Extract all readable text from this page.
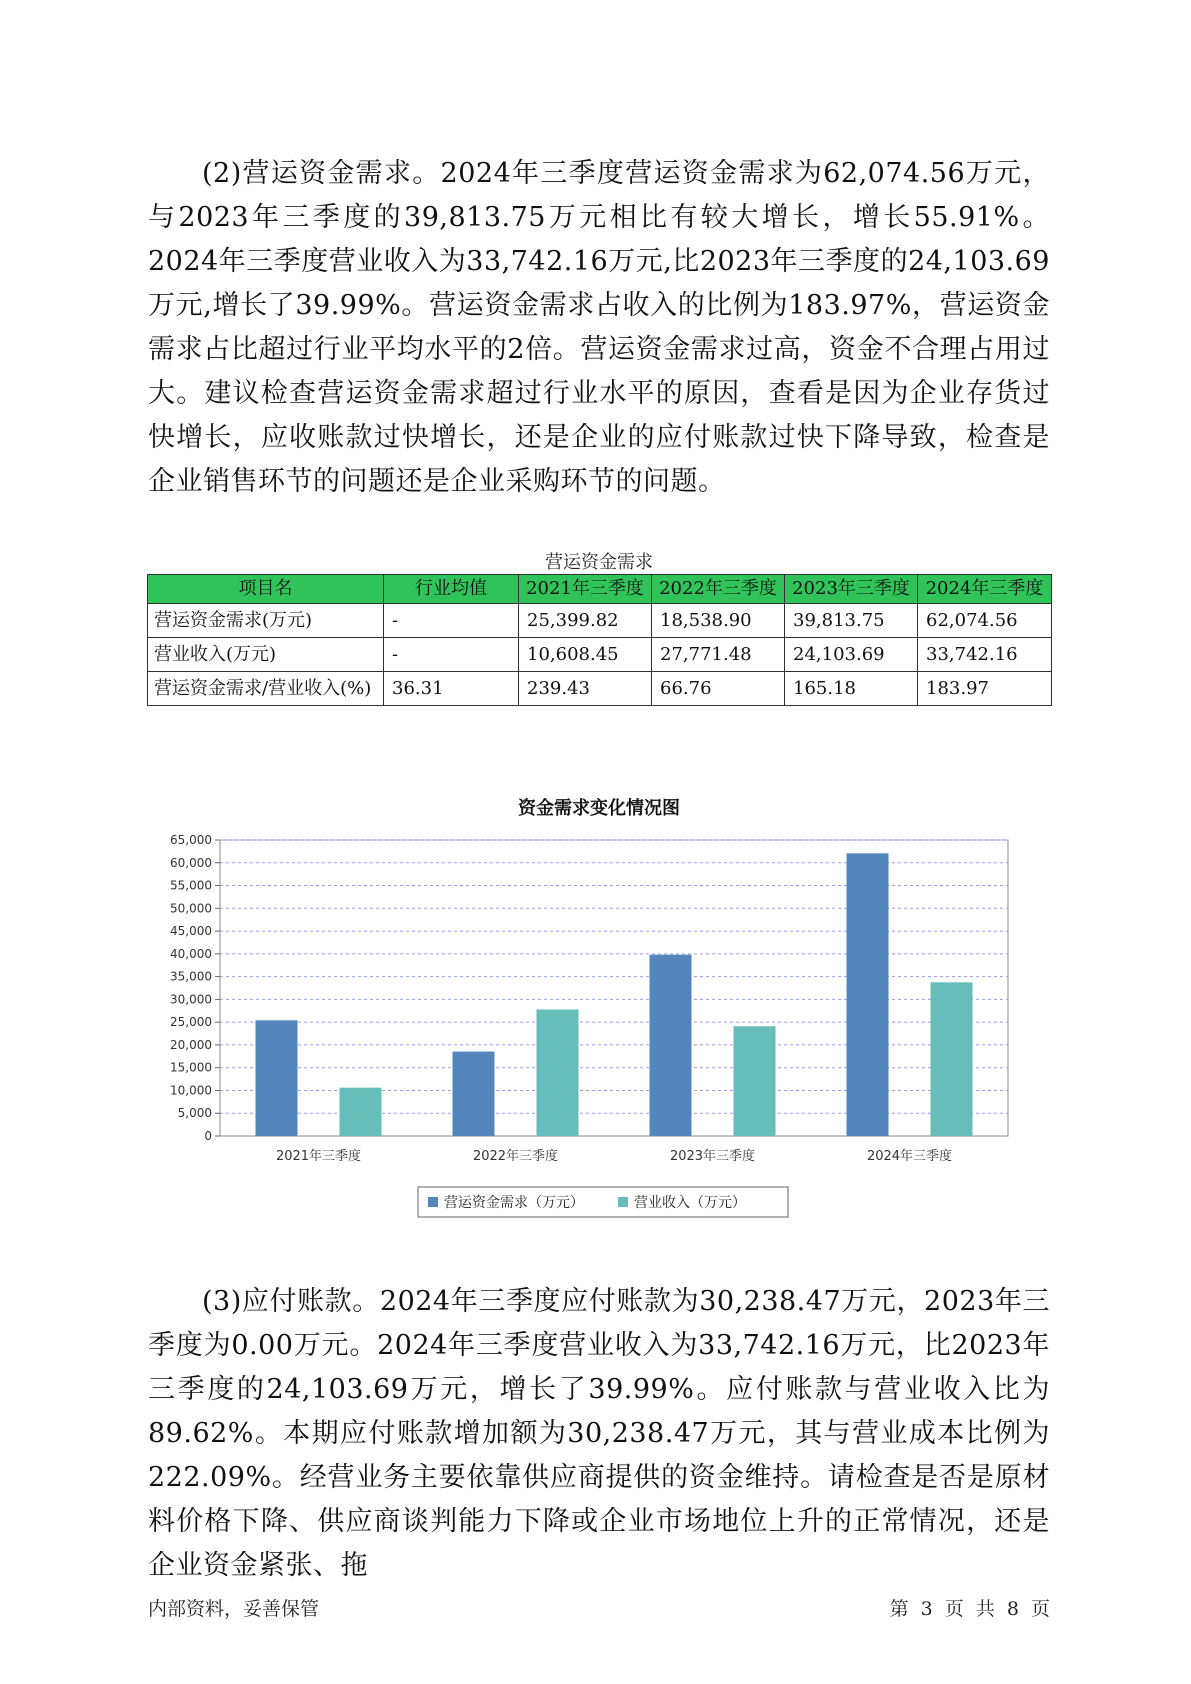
(2)营运资金需求。2024年三季度营运资金需求为62,074.56万元，与2023年三季度的39,813.75万元相比有较大增长，增长55.91%。2024年三季度营业收入为33,742.16万元,比2023年三季度的24,103.69万元,增长了39.99%。营运资金需求占收入的比例为183.97%，营运资金需求占比超过行业平均水平的2倍。营运资金需求过高，资金不合理占用过大。建议检查营运资金需求超过行业水平的原因，查看是因为企业存货过快增长，应收账款过快增长，还是企业的应付账款过快下降导致，检查是企业销售环节的问题还是企业采购环节的问题。

营运资金需求
项目名	行业均值	2021年三季度	2022年三季度	2023年三季度	2024年三季度
营运资金需求(万元)	-	25,399.82	18,538.90	39,813.75	62,074.56
营业收入(万元)	-	10,608.45	27,771.48	24,103.69	33,742.16
营运资金需求/营业收入(%)	36.31	239.43	66.76	165.18	183.97
资金需求变化情况图
0
5,000
10,000
15,000
20,000
25,000
30,000
35,000
40,000
45,000
50,000
55,000
60,000
65,000
2021年三季度	2022年三季度	2023年三季度	2024年三季度
营运资金需求（万元）	营业收入（万元）

(3)应付账款。2024年三季度应付账款为30,238.47万元，2023年三季度为0.00万元。2024年三季度营业收入为33,742.16万元，比2023年三季度的24,103.69万元，增长了39.99%。应付账款与营业收入比为89.62%。本期应付账款增加额为30,238.47万元，其与营业成本比例为222.09%。经营业务主要依靠供应商提供的资金维持。请检查是否是原材料价格下降、供应商谈判能力下降或企业市场地位上升的正常情况，还是企业资金紧张、拖

内部资料，妥善保管	第 3 页 共 8 页
